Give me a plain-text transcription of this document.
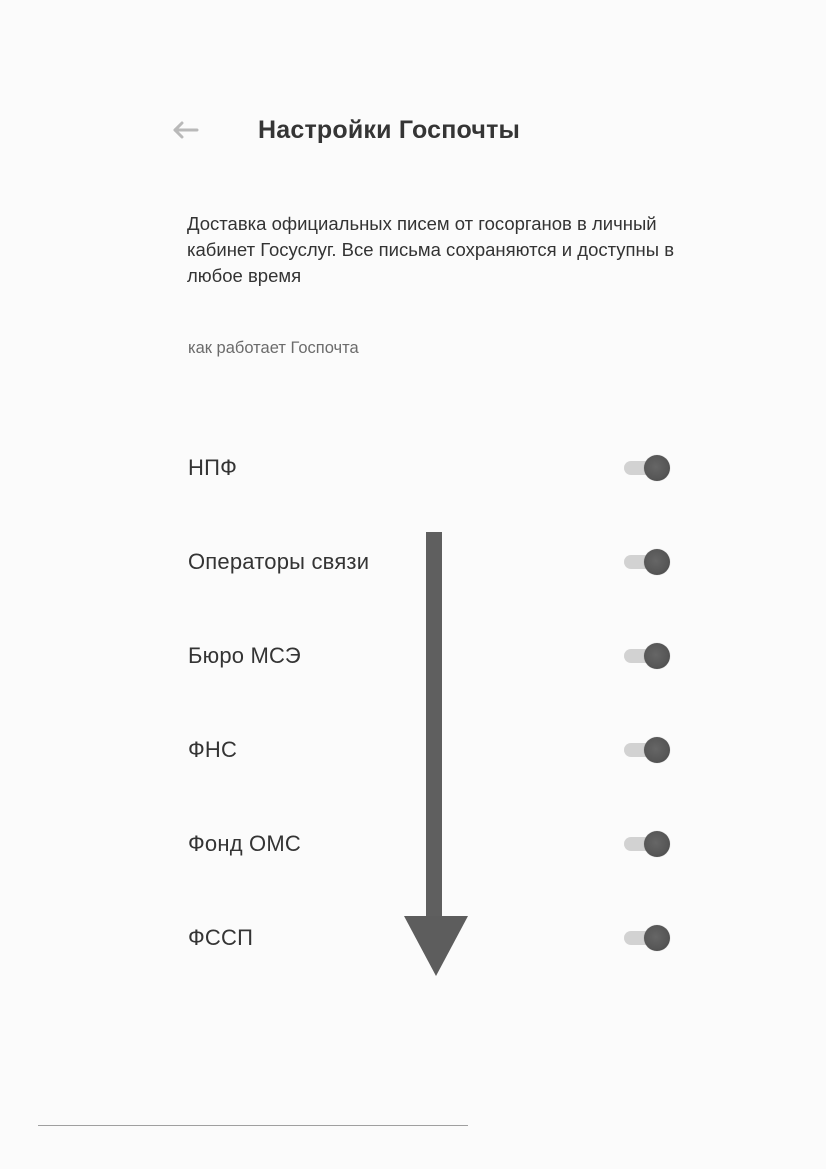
Настройки Госпочты
Доставка официальных писем от госорганов в личный кабинет Госуслуг. Все письма сохраняются и доступны в любое время
как работает Госпочта
НПФ
Операторы связи
Бюро МСЭ
ФНС
Фонд ОМС
ФССП
